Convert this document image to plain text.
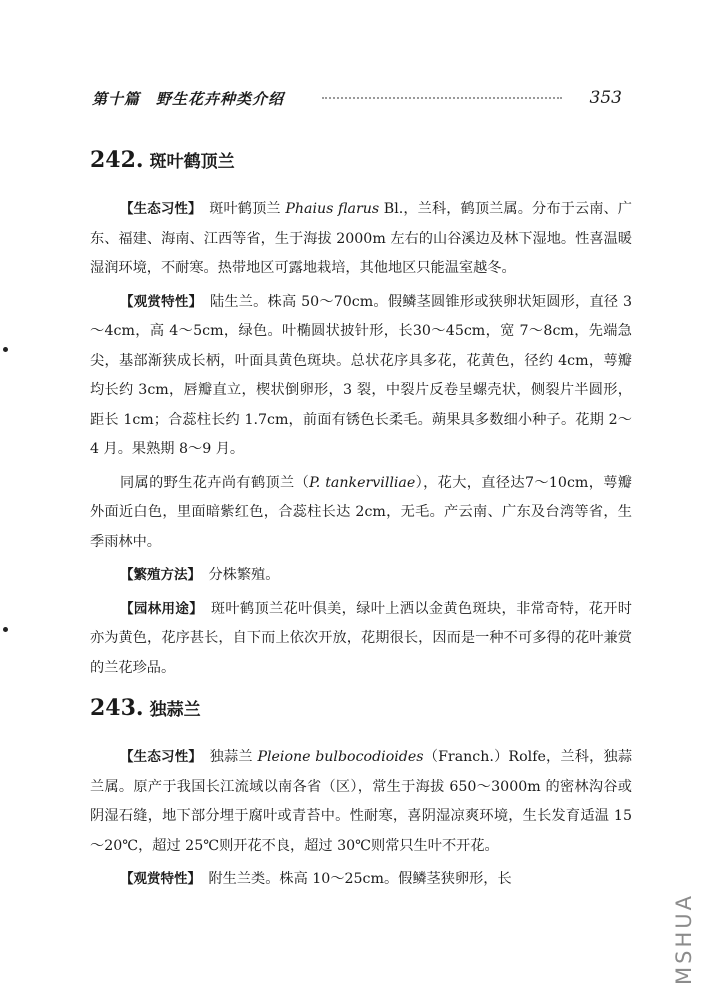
第十篇　野生花卉种类介绍	353
242. 斑叶鹤顶兰

【生态习性】　斑叶鹤顶兰 Phaius flarus Bl.，兰科，鹤顶兰属。分布于云南、广东、福建、海南、江西等省，生于海拔 2000m 左右的山谷溪边及林下湿地。性喜温暖湿润环境，不耐寒。热带地区可露地栽培，其他地区只能温室越冬。

【观赏特性】　陆生兰。株高 50～70cm。假鳞茎圆锥形或狭卵状矩圆形，直径 3～4cm，高 4～5cm，绿色。叶椭圆状披针形，长30～45cm，宽 7～8cm，先端急尖，基部渐狭成长柄，叶面具黄色斑块。总状花序具多花，花黄色，径约 4cm，萼瓣均长约 3cm，唇瓣直立，楔状倒卵形，3 裂，中裂片反卷呈螺壳状，侧裂片半圆形，距长 1cm；合蕊柱长约 1.7cm，前面有锈色长柔毛。蒴果具多数细小种子。花期 2～4 月。果熟期 8～9 月。

同属的野生花卉尚有鹤顶兰（P. tankervilliae），花大，直径达7～10cm，萼瓣外面近白色，里面暗紫红色，合蕊柱长达 2cm，无毛。产云南、广东及台湾等省，生季雨林中。

【繁殖方法】　分株繁殖。

【园林用途】　斑叶鹤顶兰花叶俱美，绿叶上洒以金黄色斑块，非常奇特，花开时亦为黄色，花序甚长，自下而上依次开放，花期很长，因而是一种不可多得的花叶兼赏的兰花珍品。

243. 独蒜兰

【生态习性】　独蒜兰 Pleione bulbocodioides（Franch.）Rolfe，兰科，独蒜兰属。原产于我国长江流域以南各省（区），常生于海拔 650～3000m 的密林沟谷或阴湿石缝，地下部分埋于腐叶或青苔中。性耐寒，喜阴湿凉爽环境，生长发育适温 15～20℃，超过 25℃则开花不良，超过 30℃则常只生叶不开花。

【观赏特性】　附生兰类。株高 10～25cm。假鳞茎狭卵形，长

MSHUA
